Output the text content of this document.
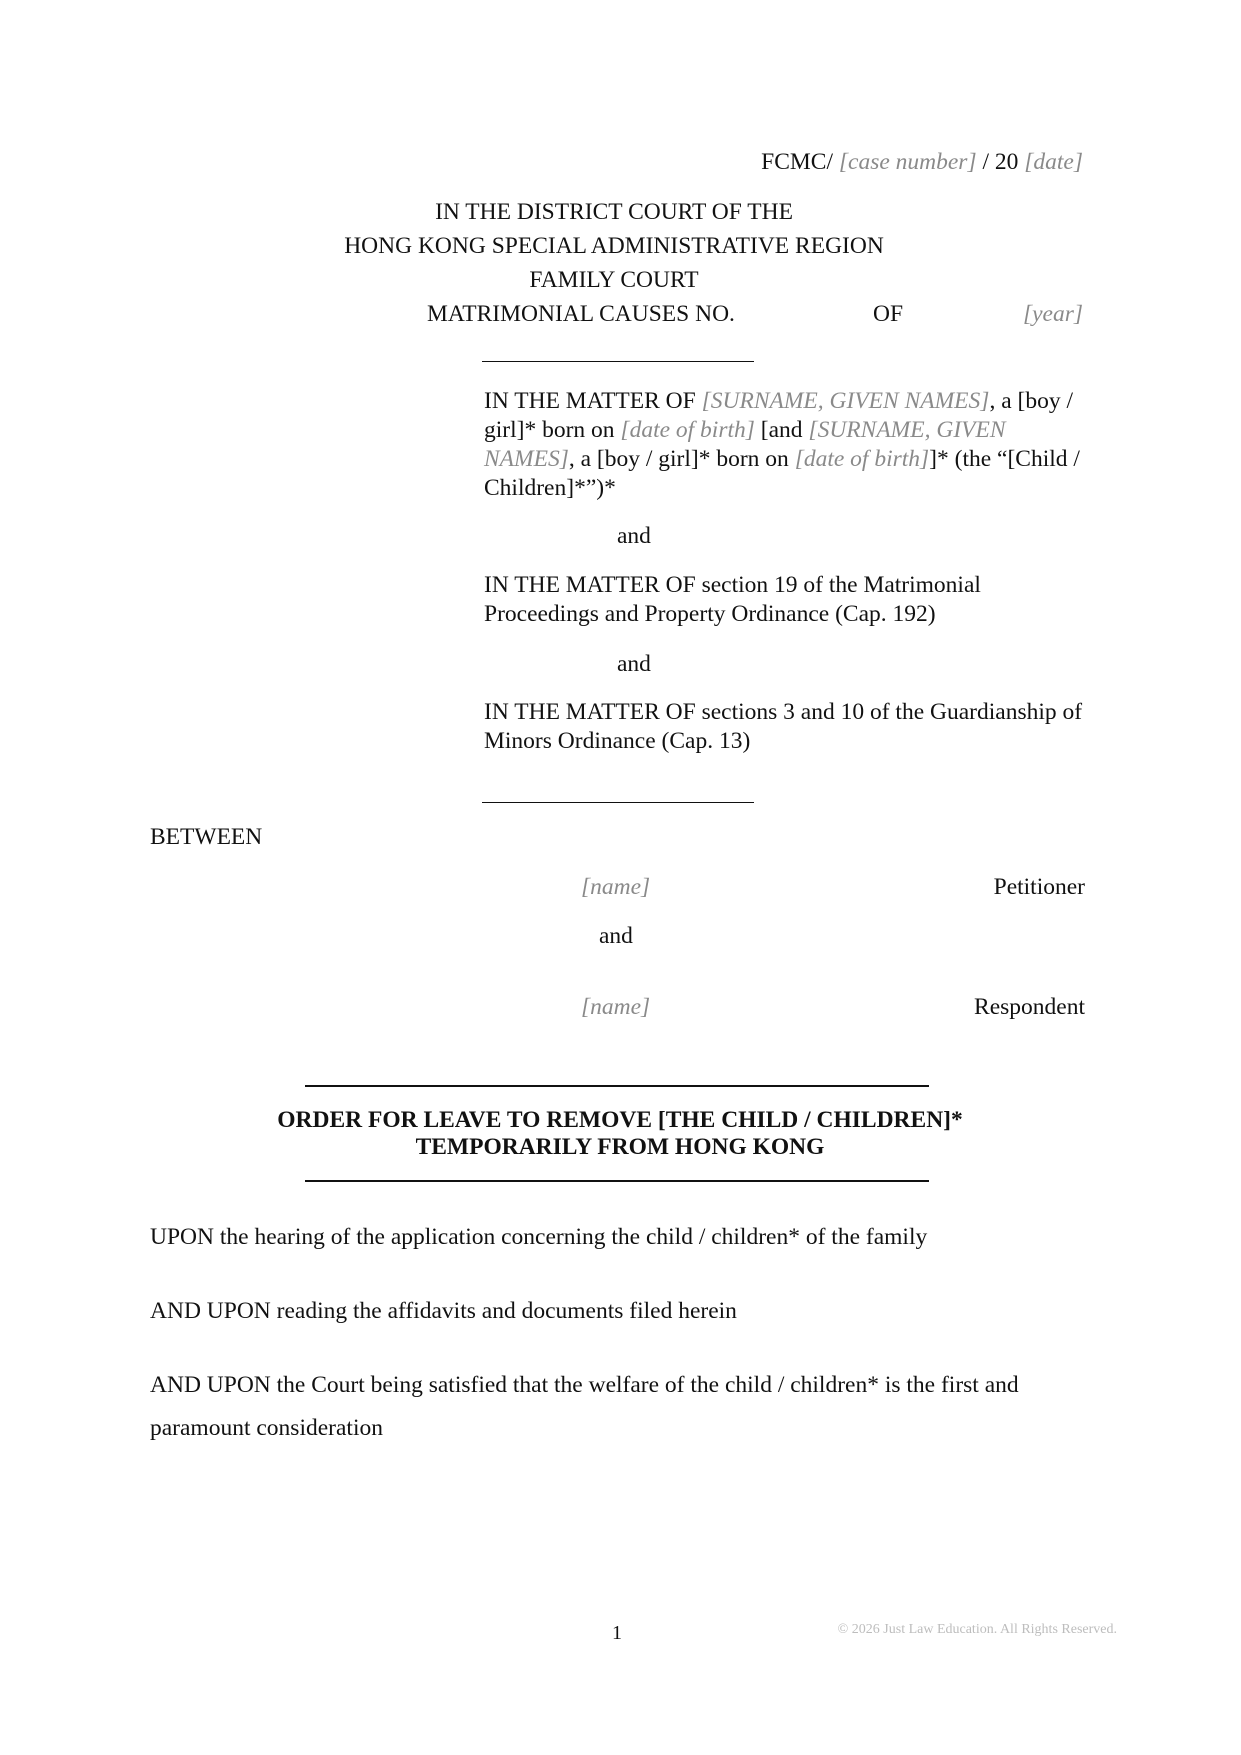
FCMC/ [case number] / 20 [date]
IN THE DISTRICT COURT OF THE
HONG KONG SPECIAL ADMINISTRATIVE REGION
FAMILY COURT
MATRIMONIAL CAUSES NO.	OF	[year]
IN THE MATTER OF [SURNAME, GIVEN NAMES], a [boy / girl]* born on [date of birth] [and [SURNAME, GIVEN NAMES], a [boy / girl]* born on [date of birth]]* (the “[Child / Children]*”)*
and
IN THE MATTER OF section 19 of the Matrimonial Proceedings and Property Ordinance (Cap. 192)
and
IN THE MATTER OF sections 3 and 10 of the Guardianship of Minors Ordinance (Cap. 13)
BETWEEN
[name]	Petitioner
and
[name]	Respondent
ORDER FOR LEAVE TO REMOVE [THE CHILD / CHILDREN]*
TEMPORARILY FROM HONG KONG
UPON the hearing of the application concerning the child / children* of the family
AND UPON reading the affidavits and documents filed herein
AND UPON the Court being satisfied that the welfare of the child / children* is the first and
paramount consideration
1	© 2026 Just Law Education. All Rights Reserved.
